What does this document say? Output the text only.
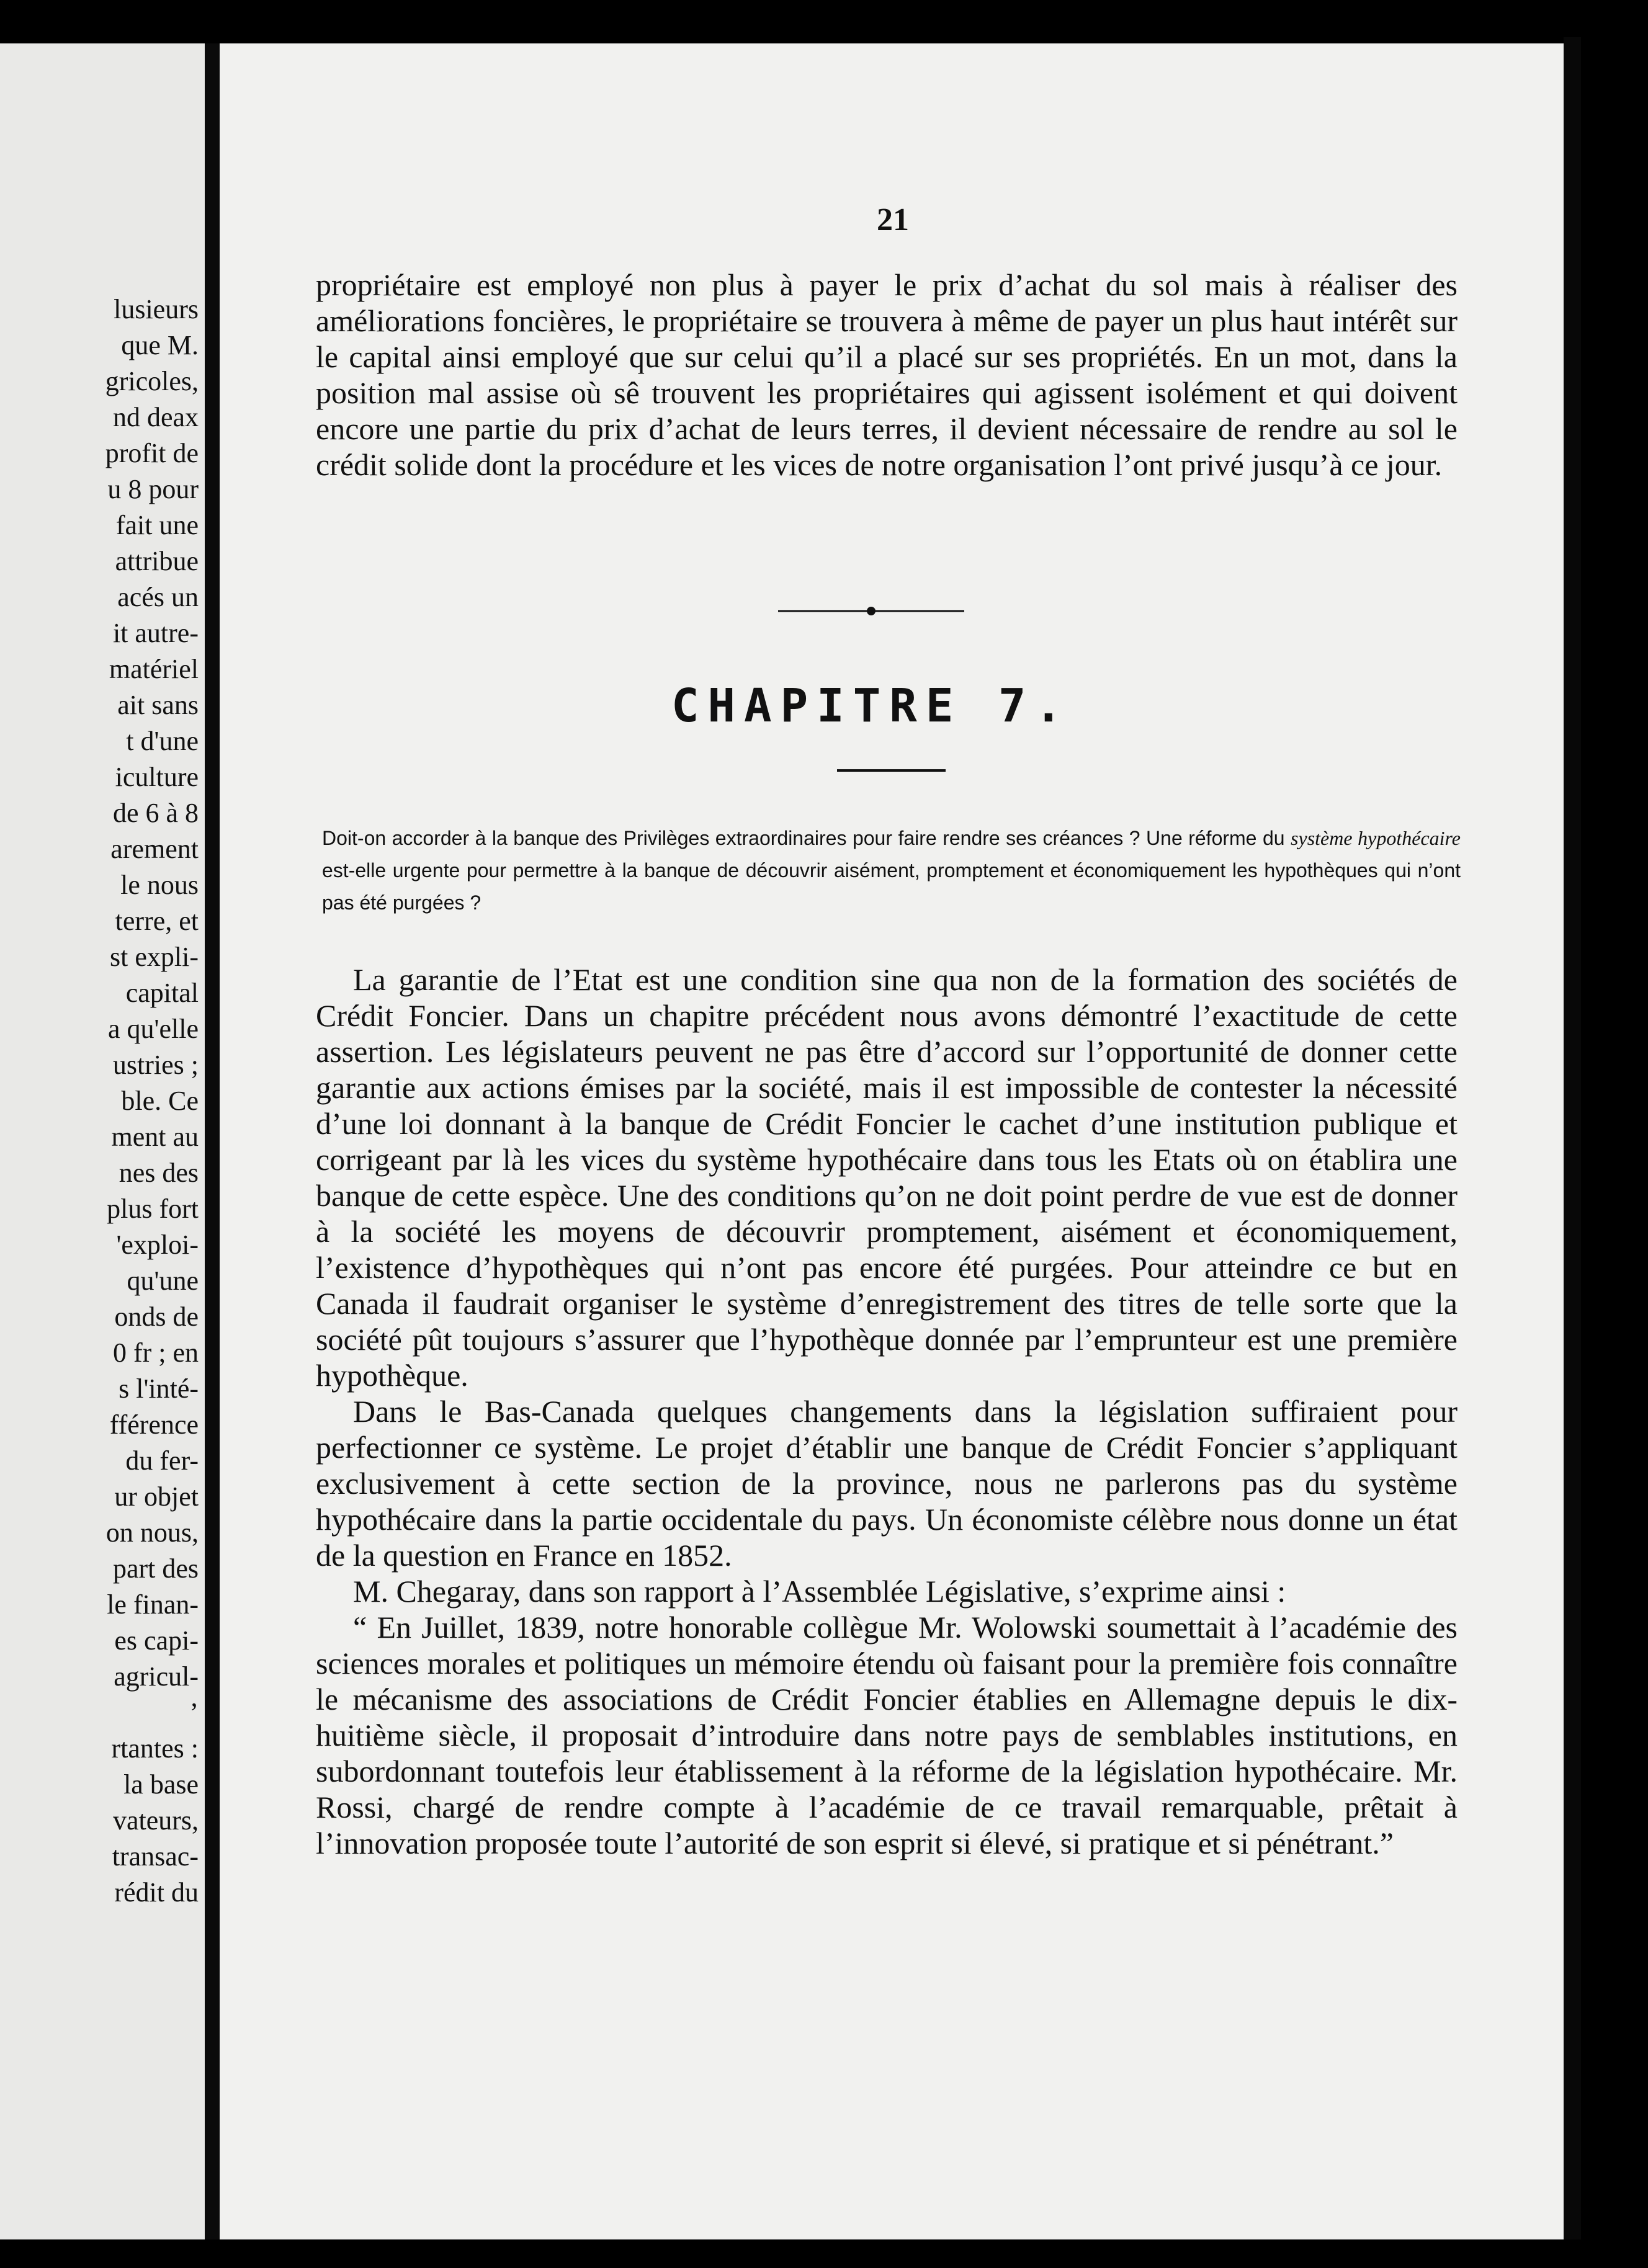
lusieurs
que M.
gricoles,
nd deax
profit de
u 8 pour
fait une
attribue
acés un
it autre-
matériel
ait sans
t d'une
iculture
de 6 à 8
arement
le nous
terre, et
st expli-
capital
a qu'elle
ustries ;
ble. Ce
ment au
nes des
plus fort
'exploi-
qu'une
onds de
0 fr ; en
s l'inté-
fférence
du fer-
ur objet
on nous,
part des
le finan-
es capi-
agricul-
’
rtantes :
la base
vateurs,
transac-
rédit du
21

propriétaire est employé non plus à payer le prix d’achat du sol mais à réaliser des améliorations foncières, le propriétaire se trouvera à même de payer un plus haut intérêt sur le capital ainsi employé que sur celui qu’il a placé sur ses propriétés. En un mot, dans la position mal assise où sê trouvent les propriétaires qui agissent isolément et qui doivent encore une partie du prix d’achat de leurs terres, il devient nécessaire de rendre au sol le crédit solide dont la procédure et les vices de notre organisation l’ont privé jusqu’à ce jour.

CHAPITRE 7.
Doit-on accorder à la banque des Privilèges extraordinaires pour faire rendre ses créances ? Une réforme du système hypothécaire est-elle urgente pour permettre à la banque de découvrir aisément, promptement et économiquement les hypothèques qui n’ont pas été purgées ?

La garantie de l’Etat est une condition sine qua non de la formation des sociétés de Crédit Foncier. Dans un chapitre précédent nous avons démontré l’exactitude de cette assertion. Les législateurs peuvent ne pas être d’accord sur l’opportunité de donner cette garantie aux actions émises par la société, mais il est impossible de contester la nécessité d’une loi donnant à la banque de Crédit Foncier le cachet d’une institution publique et corrigeant par là les vices du système hypothécaire dans tous les Etats où on établira une banque de cette espèce. Une des conditions qu’on ne doit point perdre de vue est de donner à la société les moyens de découvrir promptement, aisément et économiquement, l’existence d’hypothèques qui n’ont pas encore été purgées. Pour atteindre ce but en Canada il faudrait organiser le système d’enregistrement des titres de telle sorte que la société pût toujours s’assurer que l’hypothèque donnée par l’emprunteur est une première hypothèque.

Dans le Bas-Canada quelques changements dans la législation suffiraient pour perfectionner ce système. Le projet d’établir une banque de Crédit Foncier s’appliquant exclusivement à cette section de la province, nous ne parlerons pas du système hypothécaire dans la partie occidentale du pays. Un économiste célèbre nous donne un état de la question en France en 1852.

M. Chegaray, dans son rapport à l’Assemblée Législative, s’exprime ainsi :

“ En Juillet, 1839, notre honorable collègue Mr. Wolowski soumettait à l’académie des sciences morales et politiques un mémoire étendu où faisant pour la première fois connaître le mécanisme des associations de Crédit Foncier établies en Allemagne depuis le dix-huitième siècle, il proposait d’introduire dans notre pays de semblables institutions, en subordonnant toutefois leur établissement à la réforme de la législation hypothécaire. Mr. Rossi, chargé de rendre compte à l’académie de ce travail remarquable, prêtait à l’innovation proposée toute l’autorité de son esprit si élevé, si pratique et si pénétrant.”
